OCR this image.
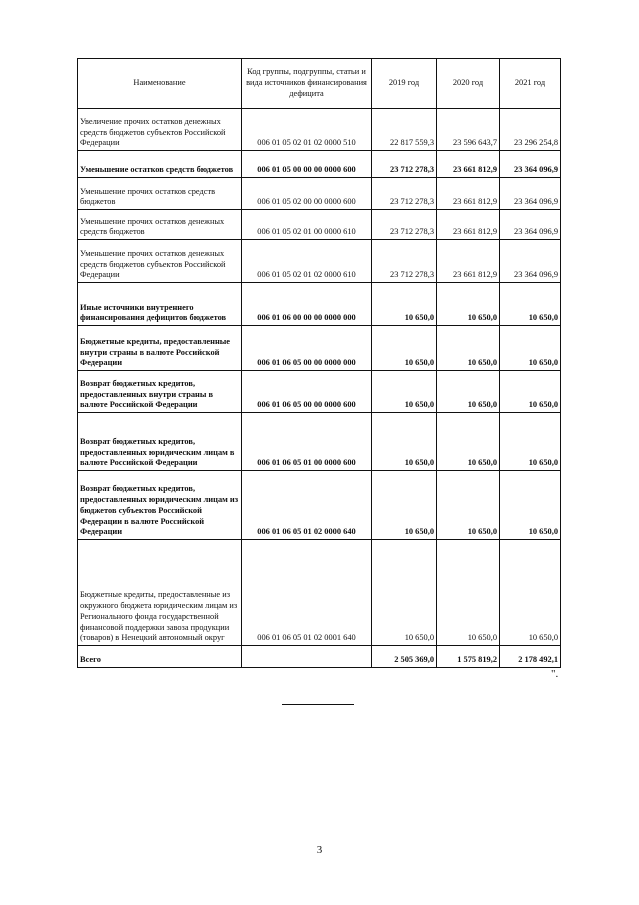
Наименование	Код группы, подгруппы, статьи и вида источников финансирования дефицита	2019 год	2020 год	2021 год
Увеличение прочих остатков денежных средств бюджетов субъектов Российской Федерации	006 01 05 02 01 02 0000 510	22 817 559,3	23 596 643,7	23 296 254,8
Уменьшение остатков средств бюджетов	006 01 05 00 00 00 0000 600	23 712 278,3	23 661 812,9	23 364 096,9
Уменьшение прочих остатков средств бюджетов	006 01 05 02 00 00 0000 600	23 712 278,3	23 661 812,9	23 364 096,9
Уменьшение прочих остатков денежных средств бюджетов	006 01 05 02 01 00 0000 610	23 712 278,3	23 661 812,9	23 364 096,9
Уменьшение прочих остатков денежных средств бюджетов субъектов Российской Федерации	006 01 05 02 01 02 0000 610	23 712 278,3	23 661 812,9	23 364 096,9
Иные источники внутреннего финансирования дефицитов бюджетов	006 01 06 00 00 00 0000 000	10 650,0	10 650,0	10 650,0
Бюджетные кредиты, предоставленные внутри страны в валюте Российской Федерации	006 01 06 05 00 00 0000 000	10 650,0	10 650,0	10 650,0
Возврат бюджетных кредитов, предоставленных внутри страны в валюте Российской Федерации	006 01 06 05 00 00 0000 600	10 650,0	10 650,0	10 650,0
Возврат бюджетных кредитов, предоставленных юридическим лицам в валюте Российской Федерации	006 01 06 05 01 00 0000 600	10 650,0	10 650,0	10 650,0
Возврат бюджетных кредитов, предоставленных юридическим лицам из бюджетов субъектов Российской Федерации в валюте Российской Федерации	006 01 06 05 01 02 0000 640	10 650,0	10 650,0	10 650,0
Бюджетные кредиты, предоставленные из окружного бюджета юридическим лицам из Регионального фонда государственной финансовой поддержки завоза продукции (товаров) в Ненецкий автономный округ	006 01 06 05 01 02 0001 640	10 650,0	10 650,0	10 650,0
Всего		2 505 369,0	1 575 819,2	2 178 492,1
".
3
